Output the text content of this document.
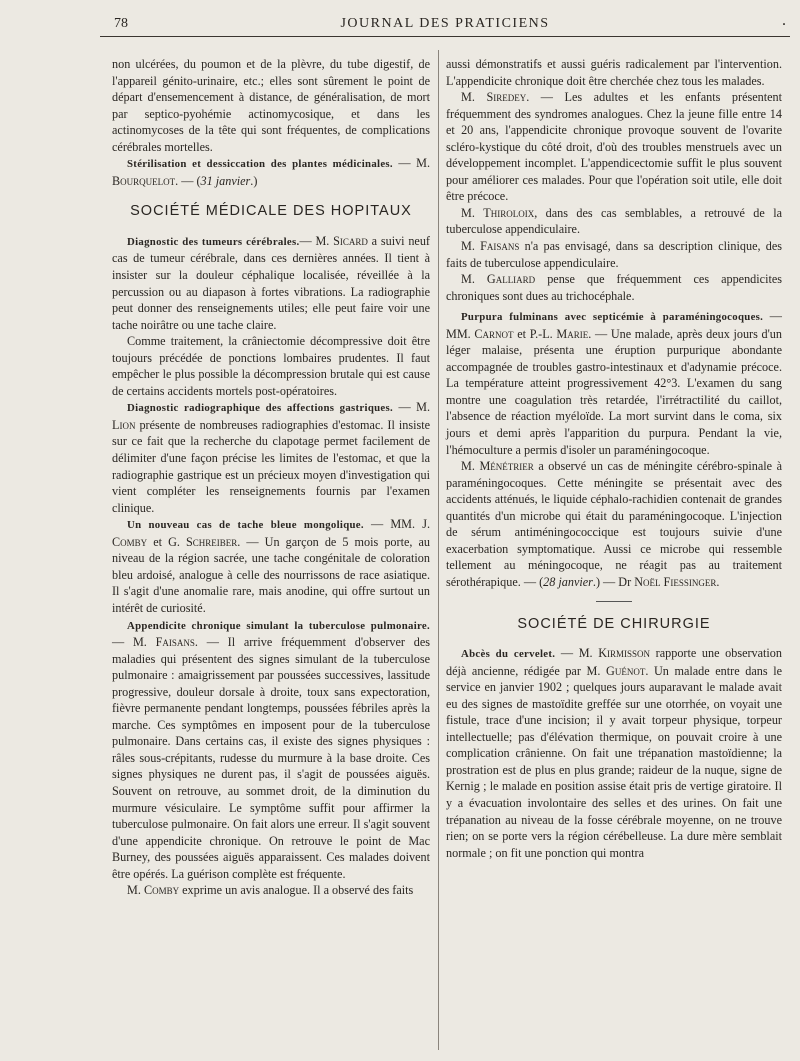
78	JOURNAL DES PRATICIENS	.

non ulcérées, du poumon et de la plèvre, du tube digestif, de l'appareil génito-urinaire, etc.; elles sont sûrement le point de départ d'ensemencement à distance, de généralisation, de mort par septico-pyohémie actinomycosique, et dans les actinomycoses de la tête qui sont fréquentes, de complications cérébrales mortelles.

Stérilisation et dessiccation des plantes médicinales. — M. Bourquelot. — (31 janvier.)

SOCIÉTÉ MÉDICALE DES HOPITAUX

Diagnostic des tumeurs cérébrales.— M. Sicard a suivi neuf cas de tumeur cérébrale, dans ces dernières années. Il tient à insister sur la douleur céphalique localisée, réveillée à la percussion ou au diapason à fortes vibrations. La radiographie peut donner des renseignements utiles; elle peut faire voir une tache noirâtre ou une tache claire.

Comme traitement, la crâniectomie décompressive doit être toujours précédée de ponctions lombaires prudentes. Il faut empêcher le plus possible la décompression brutale qui est cause de certains accidents mortels post-opératoires.

Diagnostic radiographique des affections gastriques. — M. Lion présente de nombreuses radiographies d'estomac. Il insiste sur ce fait que la recherche du clapotage permet facilement de délimiter d'une façon précise les limites de l'estomac, et que la radiographie gastrique est un précieux moyen d'investigation qui vient compléter les renseignements fournis par l'examen clinique.

Un nouveau cas de tache bleue mongolique. — MM. J. Comby et G. Schreiber. — Un garçon de 5 mois porte, au niveau de la région sacrée, une tache congénitale de coloration bleu ardoisé, analogue à celle des nourrissons de race asiatique. Il s'agit d'une anomalie rare, mais anodine, qui offre surtout un intérêt de curiosité.

Appendicite chronique simulant la tuberculose pulmonaire. — M. Faisans. — Il arrive fréquemment d'observer des maladies qui présentent des signes simulant de la tuberculose pulmonaire : amaigrissement par poussées successives, lassitude progressive, douleur dorsale à droite, toux sans expectoration, fièvre permanente pendant longtemps, poussées fébriles après la marche. Ces symptômes en imposent pour de la tuberculose pulmonaire. Dans certains cas, il existe des signes physiques : râles sous-crépitants, rudesse du murmure à la base droite. Ces signes physiques ne durent pas, il s'agit de poussées aiguës. Souvent on retrouve, au sommet droit, de la diminution du murmure vésiculaire. Le symptôme suffit pour affirmer la tuberculose pulmonaire. On fait alors une erreur. Il s'agit souvent d'une appendicite chronique. On retrouve le point de Mac Burney, des poussées aiguës apparaissent. Ces malades doivent être opérés. La guérison complète est fréquente.

M. Comby exprime un avis analogue. Il a observé des faits

aussi démonstratifs et aussi guéris radicalement par l'intervention. L'appendicite chronique doit être cherchée chez tous les malades.

M. Siredey. — Les adultes et les enfants présentent fréquemment des syndromes analogues. Chez la jeune fille entre 14 et 20 ans, l'appendicite chronique provoque souvent de l'ovarite scléro-kystique du côté droit, d'où des troubles menstruels avec un développement incomplet. L'appendicectomie suffit le plus souvent pour améliorer ces malades. Pour que l'opération soit utile, elle doit être précoce.

M. Thiroloix, dans des cas semblables, a retrouvé de la tuberculose appendiculaire.

M. Faisans n'a pas envisagé, dans sa description clinique, des faits de tuberculose appendiculaire.

M. Galliard pense que fréquemment ces appendicites chroniques sont dues au trichocéphale.

Purpura fulminans avec septicémie à paraméningocoques. — MM. Carnot et P.-L. Marie. — Une malade, après deux jours d'un léger malaise, présenta une éruption purpurique abondante accompagnée de troubles gastro-intestinaux et d'adynamie précoce. La température atteint progressivement 42°3. L'examen du sang montre une coagulation très retardée, l'irrétractilité du caillot, l'absence de réaction myéloïde. La mort survint dans le coma, six jours et demi après l'apparition du purpura. Pendant la vie, l'hémoculture a permis d'isoler un paraméningocoque.

M. Ménétrier a observé un cas de méningite cérébro-spinale à paraméningocoques. Cette méningite se présentait avec des accidents atténués, le liquide céphalo-rachidien contenait de grandes quantités d'un microbe qui était du paraméningocoque. L'injection de sérum antiméningococcique est toujours suivie d'une exacerbation symptomatique. Aussi ce microbe qui ressemble tellement au méningocoque, ne réagit pas au traitement sérothérapique. — (28 janvier.) — Dr Noël Fiessinger.

SOCIÉTÉ DE CHIRURGIE

Abcès du cervelet. — M. Kirmisson rapporte une observation déjà ancienne, rédigée par M. Guénot. Un malade entre dans le service en janvier 1902 ; quelques jours auparavant le malade avait eu des signes de mastoïdite greffée sur une otorrhée, on voyait une fistule, trace d'une incision; il y avait torpeur physique, torpeur intellectuelle; pas d'élévation thermique, on pouvait croire à une complication crânienne. On fait une trépanation mastoïdienne; la prostration est de plus en plus grande; raideur de la nuque, signe de Kernig ; le malade en position assise était pris de vertige giratoire. Il y a évacuation involontaire des selles et des urines. On fait une trépanation au niveau de la fosse cérébrale moyenne, on ne trouve rien; on se porte vers la région cérébelleuse. La dure mère semblait normale ; on fit une ponction qui montra
